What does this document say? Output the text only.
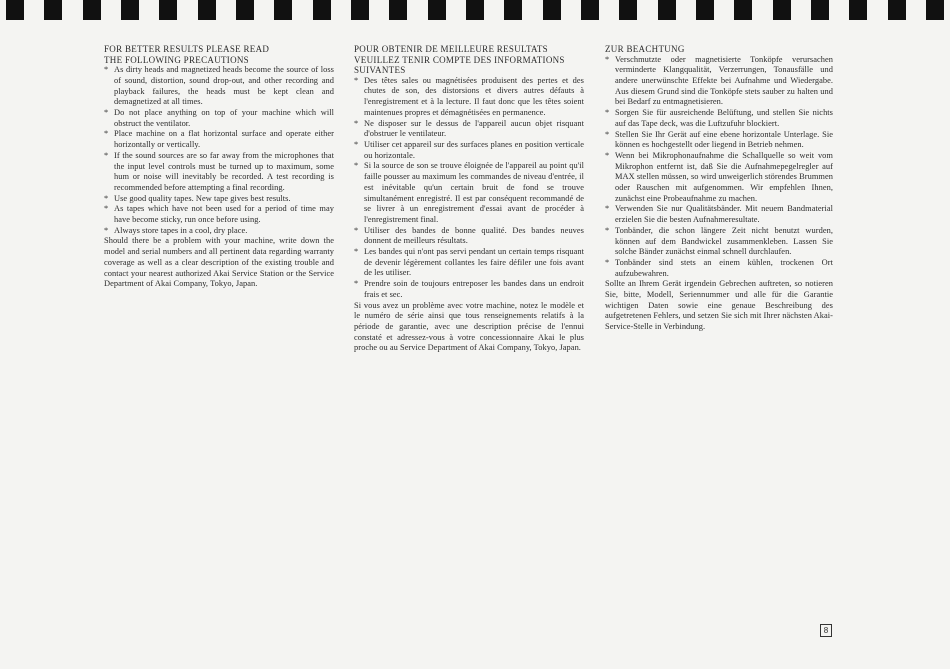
FOR BETTER RESULTS PLEASE READ

THE FOLLOWING PRECAUTIONS

* As dirty heads and magnetized heads become the source of loss of sound, distortion, sound drop-out, and other recording and playback failures, the heads must be kept clean and demagnetized at all times.
* Do not place anything on top of your machine which will obstruct the ventilator.
* Place machine on a flat horizontal surface and operate either horizontally or vertically.
* If the sound sources are so far away from the microphones that the input level controls must be turned up to maximum, some hum or noise will inevitably be recorded. A test recording is recommended before attempting a final recording.
* Use good quality tapes. New tape gives best results.
* As tapes which have not been used for a period of time may have become sticky, run once before using.
* Always store tapes in a cool, dry place.

Should there be a problem with your machine, write down the model and serial numbers and all pertinent data regarding warranty coverage as well as a clear description of the existing trouble and contact your nearest authorized Akai Service Station or the Service Department of Akai Company, Tokyo, Japan.

POUR OBTENIR DE MEILLEURE RESULTATS

VEUILLEZ TENIR COMPTE DES INFORMATIONS

SUIVANTES

* Des têtes sales ou magnétisées produisent des pertes et des chutes de son, des distorsions et divers autres défauts à l'enregistrement et à la lecture. Il faut donc que les têtes soient maintenues propres et démagnétisées en permanence.
* Ne disposer sur le dessus de l'appareil aucun objet risquant d'obstruer le ventilateur.
* Utiliser cet appareil sur des surfaces planes en position verticale ou horizontale.
* Si la source de son se trouve éloignée de l'appareil au point qu'il faille pousser au maximum les commandes de niveau d'entrée, il est inévitable qu'un certain bruit de fond se trouve simultanément enregistré. Il est par conséquent recommandé de se livrer à un enregistrement d'essai avant de procéder à l'enregistrement final.
* Utiliser des bandes de bonne qualité. Des bandes neuves donnent de meilleurs résultats.
* Les bandes qui n'ont pas servi pendant un certain temps risquant de devenir légèrement collantes les faire défiler une fois avant de les utiliser.
* Prendre soin de toujours entreposer les bandes dans un endroit frais et sec.

Si vous avez un problème avec votre machine, notez le modèle et le numéro de série ainsi que tous renseignements relatifs à la période de garantie, avec une description précise de l'ennui constaté et adressez-vous à votre concessionnaire Akai le plus proche ou au Service Department of Akai Company, Tokyo, Japan.

ZUR BEACHTUNG

* Verschmutzte oder magnetisierte Tonköpfe verursachen verminderte Klangqualität, Verzerrungen, Tonausfälle und andere unerwünschte Effekte bei Aufnahme und Wiedergabe. Aus diesem Grund sind die Tonköpfe stets sauber zu halten und bei Bedarf zu entmagnetisieren.
* Sorgen Sie für ausreichende Belüftung, und stellen Sie nichts auf das Tape deck, was die Luftzufuhr blockiert.
* Stellen Sie Ihr Gerät auf eine ebene horizontale Unterlage. Sie können es hochgestellt oder liegend in Betrieb nehmen.
* Wenn bei Mikrophonaufnahme die Schallquelle so weit vom Mikrophon entfernt ist, daß Sie die Aufnahmepegelregler auf MAX stellen müssen, so wird unweigerlich störendes Brummen oder Rauschen mit aufgenommen. Wir empfehlen Ihnen, zunächst eine Probeaufnahme zu machen.
* Verwenden Sie nur Qualitätsbänder. Mit neuem Bandmaterial erzielen Sie die besten Aufnahmeresultate.
* Tonbänder, die schon längere Zeit nicht benutzt wurden, können auf dem Bandwickel zusammenkleben. Lassen Sie solche Bänder zunächst einmal schnell durchlaufen.
* Tonbänder sind stets an einem kühlen, trockenen Ort aufzubewahren.

Sollte an Ihrem Gerät irgendein Gebrechen auftreten, so notieren Sie, bitte, Modell, Seriennummer und alle für die Garantie wichtigen Daten sowie eine genaue Beschreibung des aufgetretenen Fehlers, und setzen Sie sich mit Ihrer nächsten Akai-Service-Stelle in Verbindung.

8
